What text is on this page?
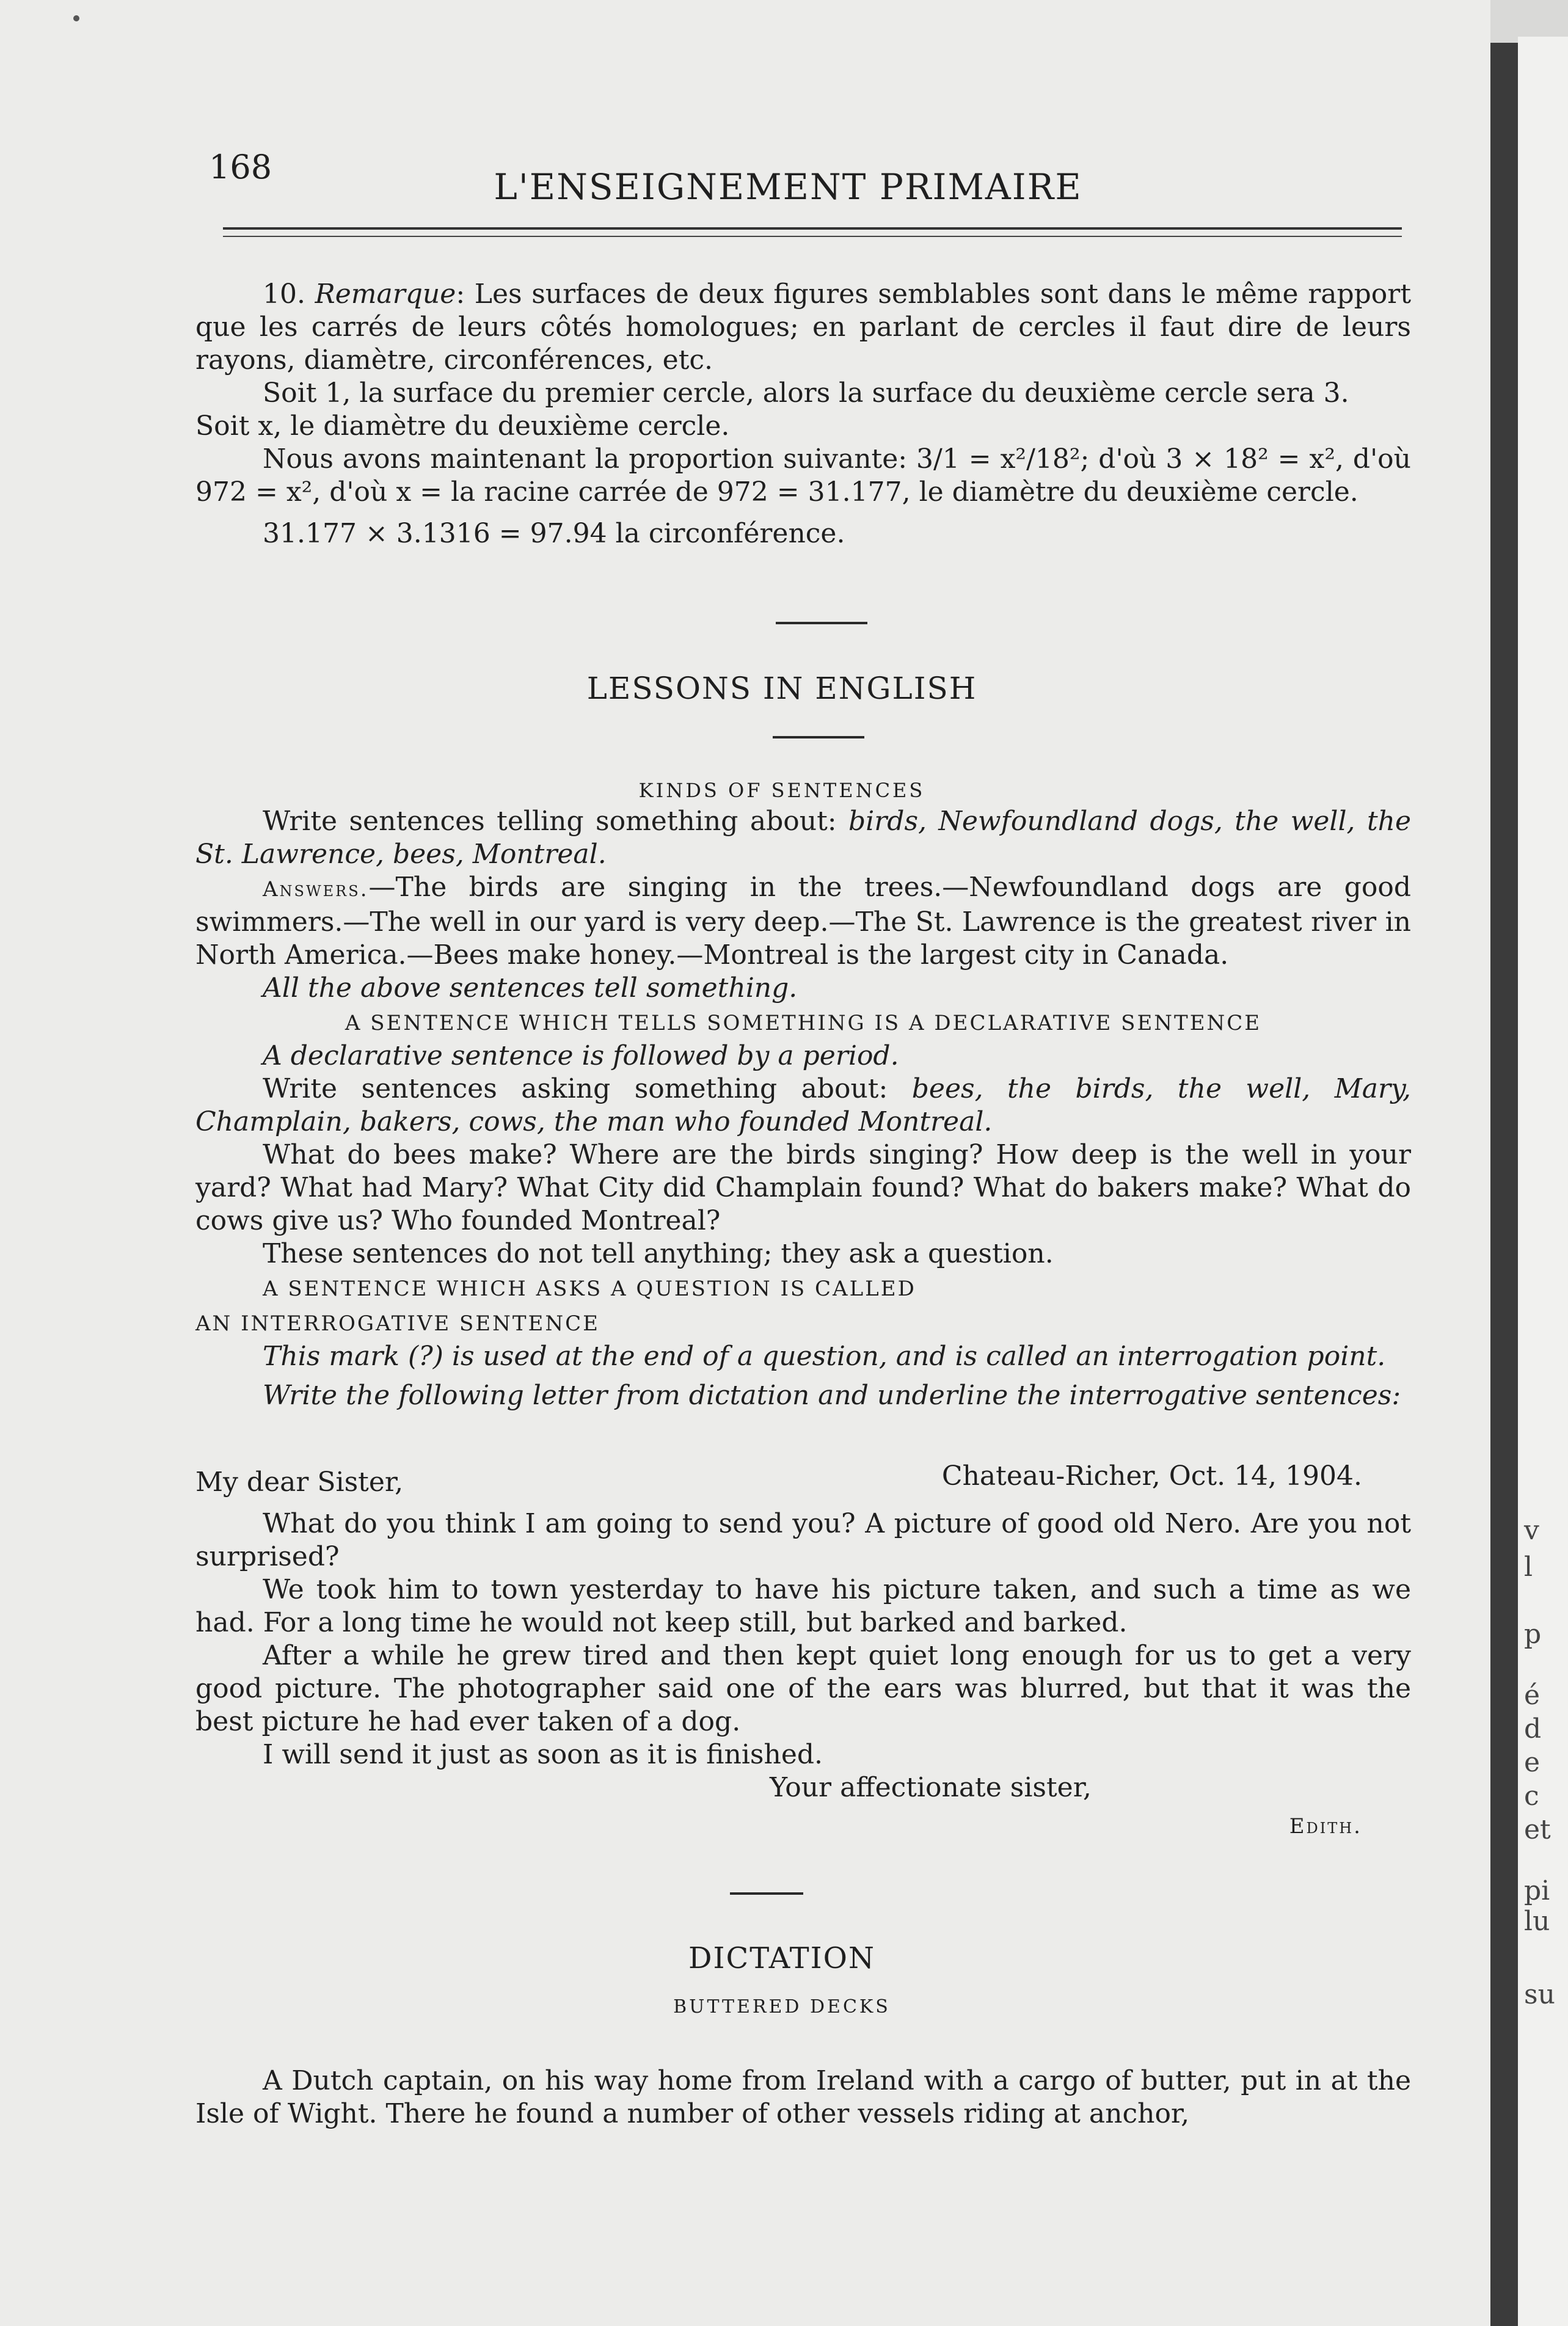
168	L'ENSEIGNEMENT PRIMAIRE

10. Remarque: Les surfaces de deux figures semblables sont dans le même rapport que les carrés de leurs côtés homologues; en parlant de cercles il faut dire de leurs rayons, diamètre, circonférences, etc.

Soit 1, la surface du premier cercle, alors la surface du deuxième cercle sera 3.

Soit x, le diamètre du deuxième cercle.

Nous avons maintenant la proportion suivante: 3/1 = x²/18²; d'où 3 × 18² = x², d'où 972 = x², d'où x = la racine carrée de 972 = 31.177, le diamètre du deuxième cercle.

31.177 × 3.1316 = 97.94 la circonférence.

LESSONS IN ENGLISH
KINDS OF SENTENCES

Write sentences telling something about: birds, Newfoundland dogs, the well, the St. Lawrence, bees, Montreal.

Answers.—The birds are singing in the trees.—Newfoundland dogs are good swimmers.—The well in our yard is very deep.—The St. Lawrence is the greatest river in North America.—Bees make honey.—Montreal is the largest city in Canada.

All the above sentences tell something.

A SENTENCE WHICH TELLS SOMETHING IS A DECLARATIVE SENTENCE

A declarative sentence is followed by a period.

Write sentences asking something about: bees, the birds, the well, Mary, Champlain, bakers, cows, the man who founded Montreal.

What do bees make? Where are the birds singing? How deep is the well in your yard? What had Mary? What City did Champlain found? What do bakers make? What do cows give us? Who founded Montreal?

These sentences do not tell anything; they ask a question.

A SENTENCE WHICH ASKS A QUESTION IS CALLED

AN INTERROGATIVE SENTENCE

This mark (?) is used at the end of a question, and is called an interrogation point.

Write the following letter from dictation and underline the interrogative sentences:

My dear Sister,	Chateau-Richer, Oct. 14, 1904.

What do you think I am going to send you? A picture of good old Nero. Are you not surprised?

We took him to town yesterday to have his picture taken, and such a time as we had. For a long time he would not keep still, but barked and barked.

After a while he grew tired and then kept quiet long enough for us to get a very good picture. The photographer said one of the ears was blurred, but that it was the best picture he had ever taken of a dog.

I will send it just as soon as it is finished.

Your affectionate sister,

Edith.

DICTATION
BUTTERED DECKS

A Dutch captain, on his way home from Ireland with a cargo of butter, put in at the Isle of Wight. There he found a number of other vessels riding at anchor,

v
l
p
é
d
e
c
et
pi
lu
su
